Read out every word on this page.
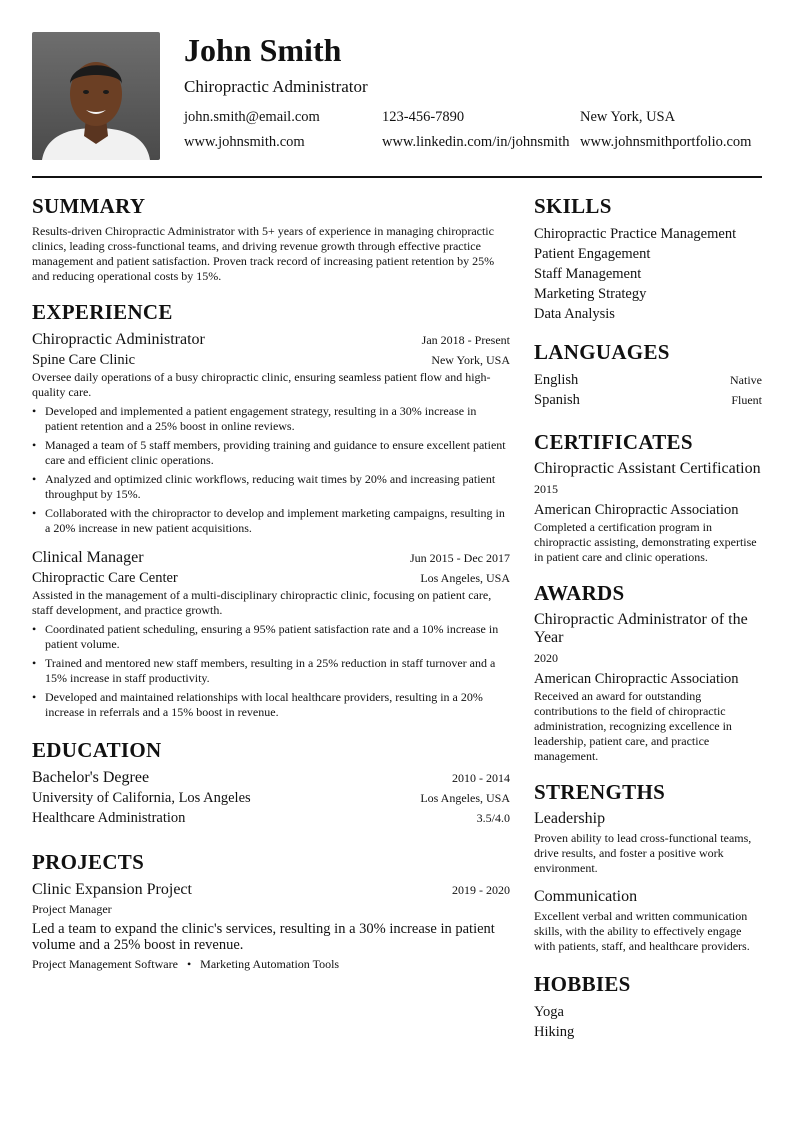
John Smith
Chiropractic Administrator
john.smith@email.com	123-456-7890	New York, USA
www.johnsmith.com	www.linkedin.com/in/johnsmith www.johnsmithportfolio.com
SUMMARY
Results-driven Chiropractic Administrator with 5+ years of experience in managing chiropractic clinics, leading cross-functional teams, and driving revenue growth through effective practice management and patient satisfaction. Proven track record of increasing patient retention by 25% and reducing operational costs by 15%.
EXPERIENCE
Chiropractic Administrator	Jan 2018 - Present
Spine Care Clinic	New York, USA
Oversee daily operations of a busy chiropractic clinic, ensuring seamless patient flow and high-quality care.
• Developed and implemented a patient engagement strategy, resulting in a 30% increase in patient retention and a 25% boost in online reviews.
• Managed a team of 5 staff members, providing training and guidance to ensure excellent patient care and efficient clinic operations.
• Analyzed and optimized clinic workflows, reducing wait times by 20% and increasing patient throughput by 15%.
• Collaborated with the chiropractor to develop and implement marketing campaigns, resulting in a 20% increase in new patient acquisitions.
Clinical Manager	Jun 2015 - Dec 2017
Chiropractic Care Center	Los Angeles, USA
Assisted in the management of a multi-disciplinary chiropractic clinic, focusing on patient care, staff development, and practice growth.
• Coordinated patient scheduling, ensuring a 95% patient satisfaction rate and a 10% increase in patient volume.
• Trained and mentored new staff members, resulting in a 25% reduction in staff turnover and a 15% increase in staff productivity.
• Developed and maintained relationships with local healthcare providers, resulting in a 20% increase in referrals and a 15% boost in revenue.
EDUCATION
Bachelor's Degree	2010 - 2014
University of California, Los Angeles	Los Angeles, USA
Healthcare Administration	3.5/4.0
PROJECTS
Clinic Expansion Project	2019 - 2020
Project Manager
Led a team to expand the clinic's services, resulting in a 30% increase in patient volume and a 25% boost in revenue.
Project Management Software • Marketing Automation Tools
SKILLS
Chiropractic Practice Management
Patient Engagement
Staff Management
Marketing Strategy
Data Analysis
LANGUAGES
English	Native
Spanish	Fluent
CERTIFICATES
Chiropractic Assistant Certification
2015
American Chiropractic Association
Completed a certification program in chiropractic assisting, demonstrating expertise in patient care and clinic operations.
AWARDS
Chiropractic Administrator of the Year
2020
American Chiropractic Association
Received an award for outstanding contributions to the field of chiropractic administration, recognizing excellence in leadership, patient care, and practice management.
STRENGTHS
Leadership
Proven ability to lead cross-functional teams, drive results, and foster a positive work environment.
Communication
Excellent verbal and written communication skills, with the ability to effectively engage with patients, staff, and healthcare providers.
HOBBIES
Yoga
Hiking
